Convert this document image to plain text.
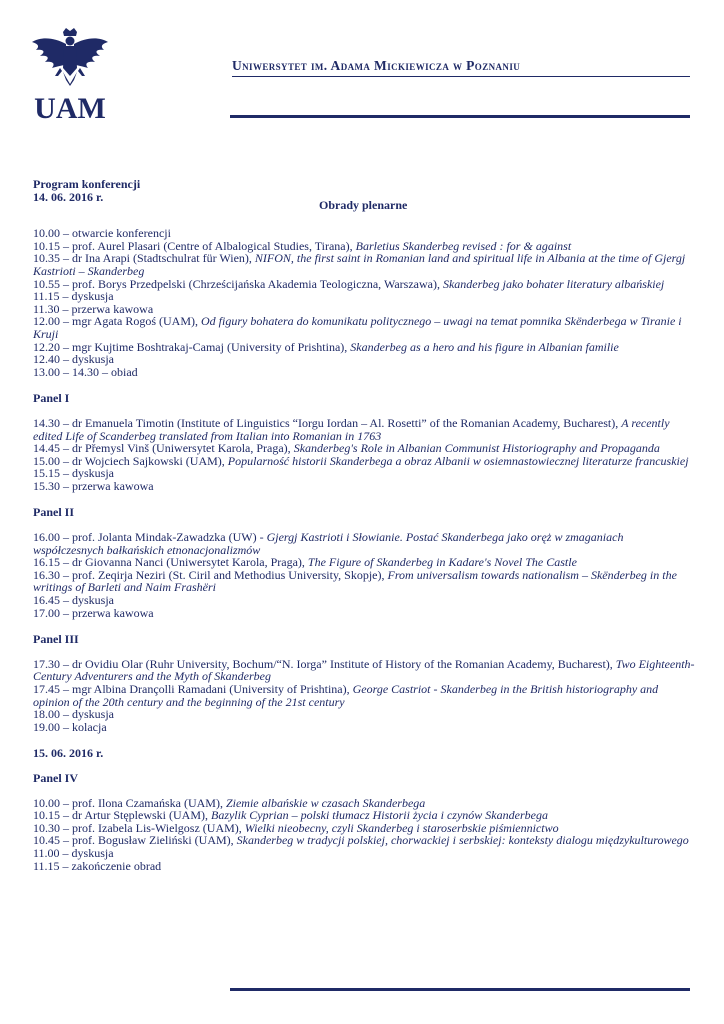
UAM
Uniwersytet im. Adama Mickiewicza w Poznaniu
Program konferencji
14. 06. 2016 r.
Obrady plenarne
10.00 – otwarcie konferencji
10.15 – prof. Aurel Plasari (Centre of Albalogical Studies, Tirana), Barletius Skanderbeg revised : for & against
10.35 – dr Ina Arapi (Stadtschulrat für Wien), NIFON, the first saint in Romanian land and spiritual life in Albania at the time of Gjergj Kastrioti – Skanderbeg
10.55 – prof. Borys Przedpelski (Chrześcijańska Akademia Teologiczna, Warszawa), Skanderbeg jako bohater literatury albańskiej
11.15 – dyskusja
11.30 – przerwa kawowa
12.00 – mgr Agata Rogoś (UAM), Od figury bohatera do komunikatu politycznego – uwagi na temat pomnika Skënderbega w Tiranie i Kruji
12.20 – mgr Kujtime Boshtrakaj-Camaj (University of Prishtina), Skanderbeg as a hero and his figure in Albanian familie
12.40 – dyskusja
13.00 – 14.30 – obiad
Panel I
14.30 – dr Emanuela Timotin (Institute of Linguistics “Iorgu Iordan – Al. Rosetti” of the Romanian Academy, Bucharest), A recently edited Life of Scanderbeg translated from Italian into Romanian in 1763
14.45 – dr Přemysl Vinš (Uniwersytet Karola, Praga), Skanderbeg's Role in Albanian Communist Historiography and Propaganda
15.00 – dr Wojciech Sajkowski (UAM), Popularność historii Skanderbega a obraz Albanii w osiemnastowiecznej literaturze francuskiej
15.15 – dyskusja
15.30 – przerwa kawowa
Panel II
16.00 – prof. Jolanta Mindak-Zawadzka (UW) - Gjergj Kastrioti i Słowianie. Postać Skanderbega jako oręż w zmaganiach współczesnych bałkańskich etnonacjonalizmów
16.15 – dr Giovanna Nanci (Uniwersytet Karola, Praga), The Figure of Skanderbeg in Kadare's Novel The Castle
16.30 – prof. Zeqirja Neziri (St. Ciril and Methodius University, Skopje), From universalism towards nationalism – Skënderbeg in the writings of Barleti and Naim Frashëri
16.45 – dyskusja
17.00 – przerwa kawowa
Panel III
17.30 – dr Ovidiu Olar (Ruhr University, Bochum/“N. Iorga” Institute of History of the Romanian Academy, Bucharest), Two Eighteenth-Century Adventurers and the Myth of Skanderbeg
17.45 – mgr Albina Drançolli Ramadani (University of Prishtina), George Castriot - Skanderbeg in the British historiography and opinion of the 20th century and the beginning of the 21st century
18.00 – dyskusja
19.00 – kolacja
15. 06. 2016 r.
Panel IV
10.00 – prof. Ilona Czamańska (UAM), Ziemie albańskie w czasach Skanderbega
10.15 – dr Artur Stęplewski (UAM), Bazylik Cyprian – polski tłumacz Historii życia i czynów Skanderbega
10.30 – prof. Izabela Lis-Wielgosz (UAM), Wielki nieobecny, czyli Skanderbeg i staroserbskie piśmiennictwo
10.45 – prof. Bogusław Zieliński (UAM), Skanderbeg w tradycji polskiej, chorwackiej i serbskiej: konteksty dialogu międzykulturowego
11.00 – dyskusja
11.15 – zakończenie obrad
